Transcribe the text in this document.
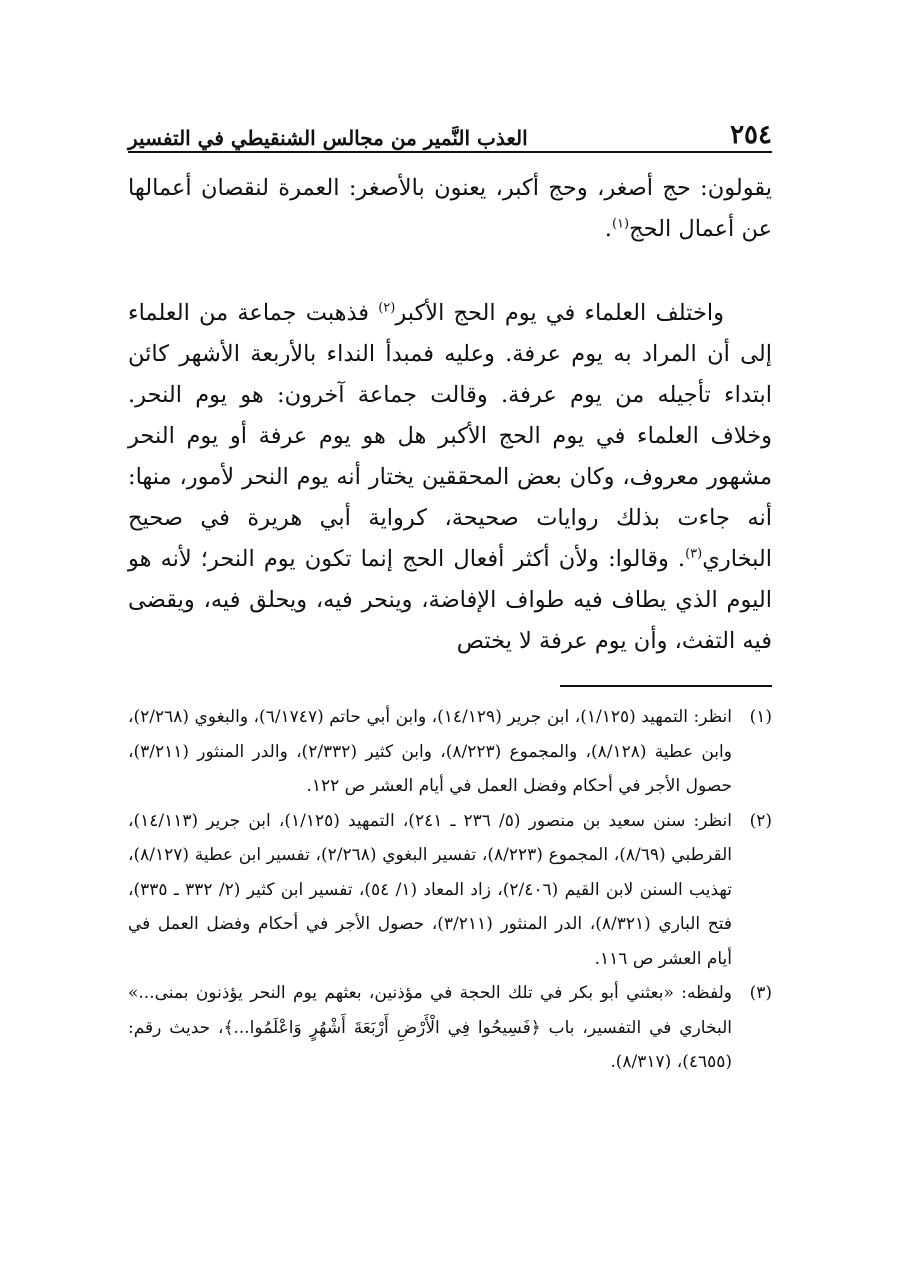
٢٥٤
العذب النَّمير من مجالس الشنقيطي في التفسير

يقولون: حج أصغر، وحج أكبر، يعنون بالأصغر: العمرة لنقصان أعمالها عن أعمال الحج$^{(١)}$.

واختلف العلماء في يوم الحج الأكبر$^{(٢)}$ فذهبت جماعة من العلماء إلى أن المراد به يوم عرفة. وعليه فمبدأ النداء بالأربعة الأشهر كائن ابتداء تأجيله من يوم عرفة. وقالت جماعة آخرون: هو يوم النحر. وخلاف العلماء في يوم الحج الأكبر هل هو يوم عرفة أو يوم النحر مشهور معروف، وكان بعض المحققين يختار أنه يوم النحر لأمور، منها: أنه جاءت بذلك روايات صحيحة، كرواية أبي هريرة في صحيح البخاري$^{(٣)}$. وقالوا: ولأن أكثر أفعال الحج إنما تكون يوم النحر؛ لأنه هو اليوم الذي يطاف فيه طواف الإفاضة، وينحر فيه، ويحلق فيه، ويقضى فيه التفث، وأن يوم عرفة لا يختص

(١)
انظر: التمهيد (١/١٢٥)، ابن جرير (١٤/١٢٩)، وابن أبي حاتم (٦/١٧٤٧)، والبغوي (٢/٢٦٨)، وابن عطية (٨/١٢٨)، والمجموع (٨/٢٢٣)، وابن كثير (٢/٣٣٢)، والدر المنثور (٣/٢١١)، حصول الأجر في أحكام وفضل العمل في أيام العشر ص ١٢٢.
(٢)
انظر: سنن سعيد بن منصور (٥/ ٢٣٦ ـ ٢٤١)، التمهيد (١/١٢٥)، ابن جرير (١٤/١١٣)، القرطبي (٨/٦٩)، المجموع (٨/٢٢٣)، تفسير البغوي (٢/٢٦٨)، تفسير ابن عطية (٨/١٢٧)، تهذيب السنن لابن القيم (٢/٤٠٦)، زاد المعاد (١/ ٥٤)، تفسير ابن كثير (٢/ ٣٣٢ ـ ٣٣٥)، فتح الباري (٨/٣٢١)، الدر المنثور (٣/٢١١)، حصول الأجر في أحكام وفضل العمل في أيام العشر ص ١١٦.
(٣)
ولفظه: «بعثني أبو بكر في تلك الحجة في مؤذنين، بعثهم يوم النحر يؤذنون بمنى...» البخاري في التفسير، باب ﴿فَسِيحُوا فِي الْأَرْضِ أَرْبَعَةَ أَشْهُرٍ وَاعْلَمُوا...﴾، حديث رقم: (٤٦٥٥)، (٨/٣١٧).
